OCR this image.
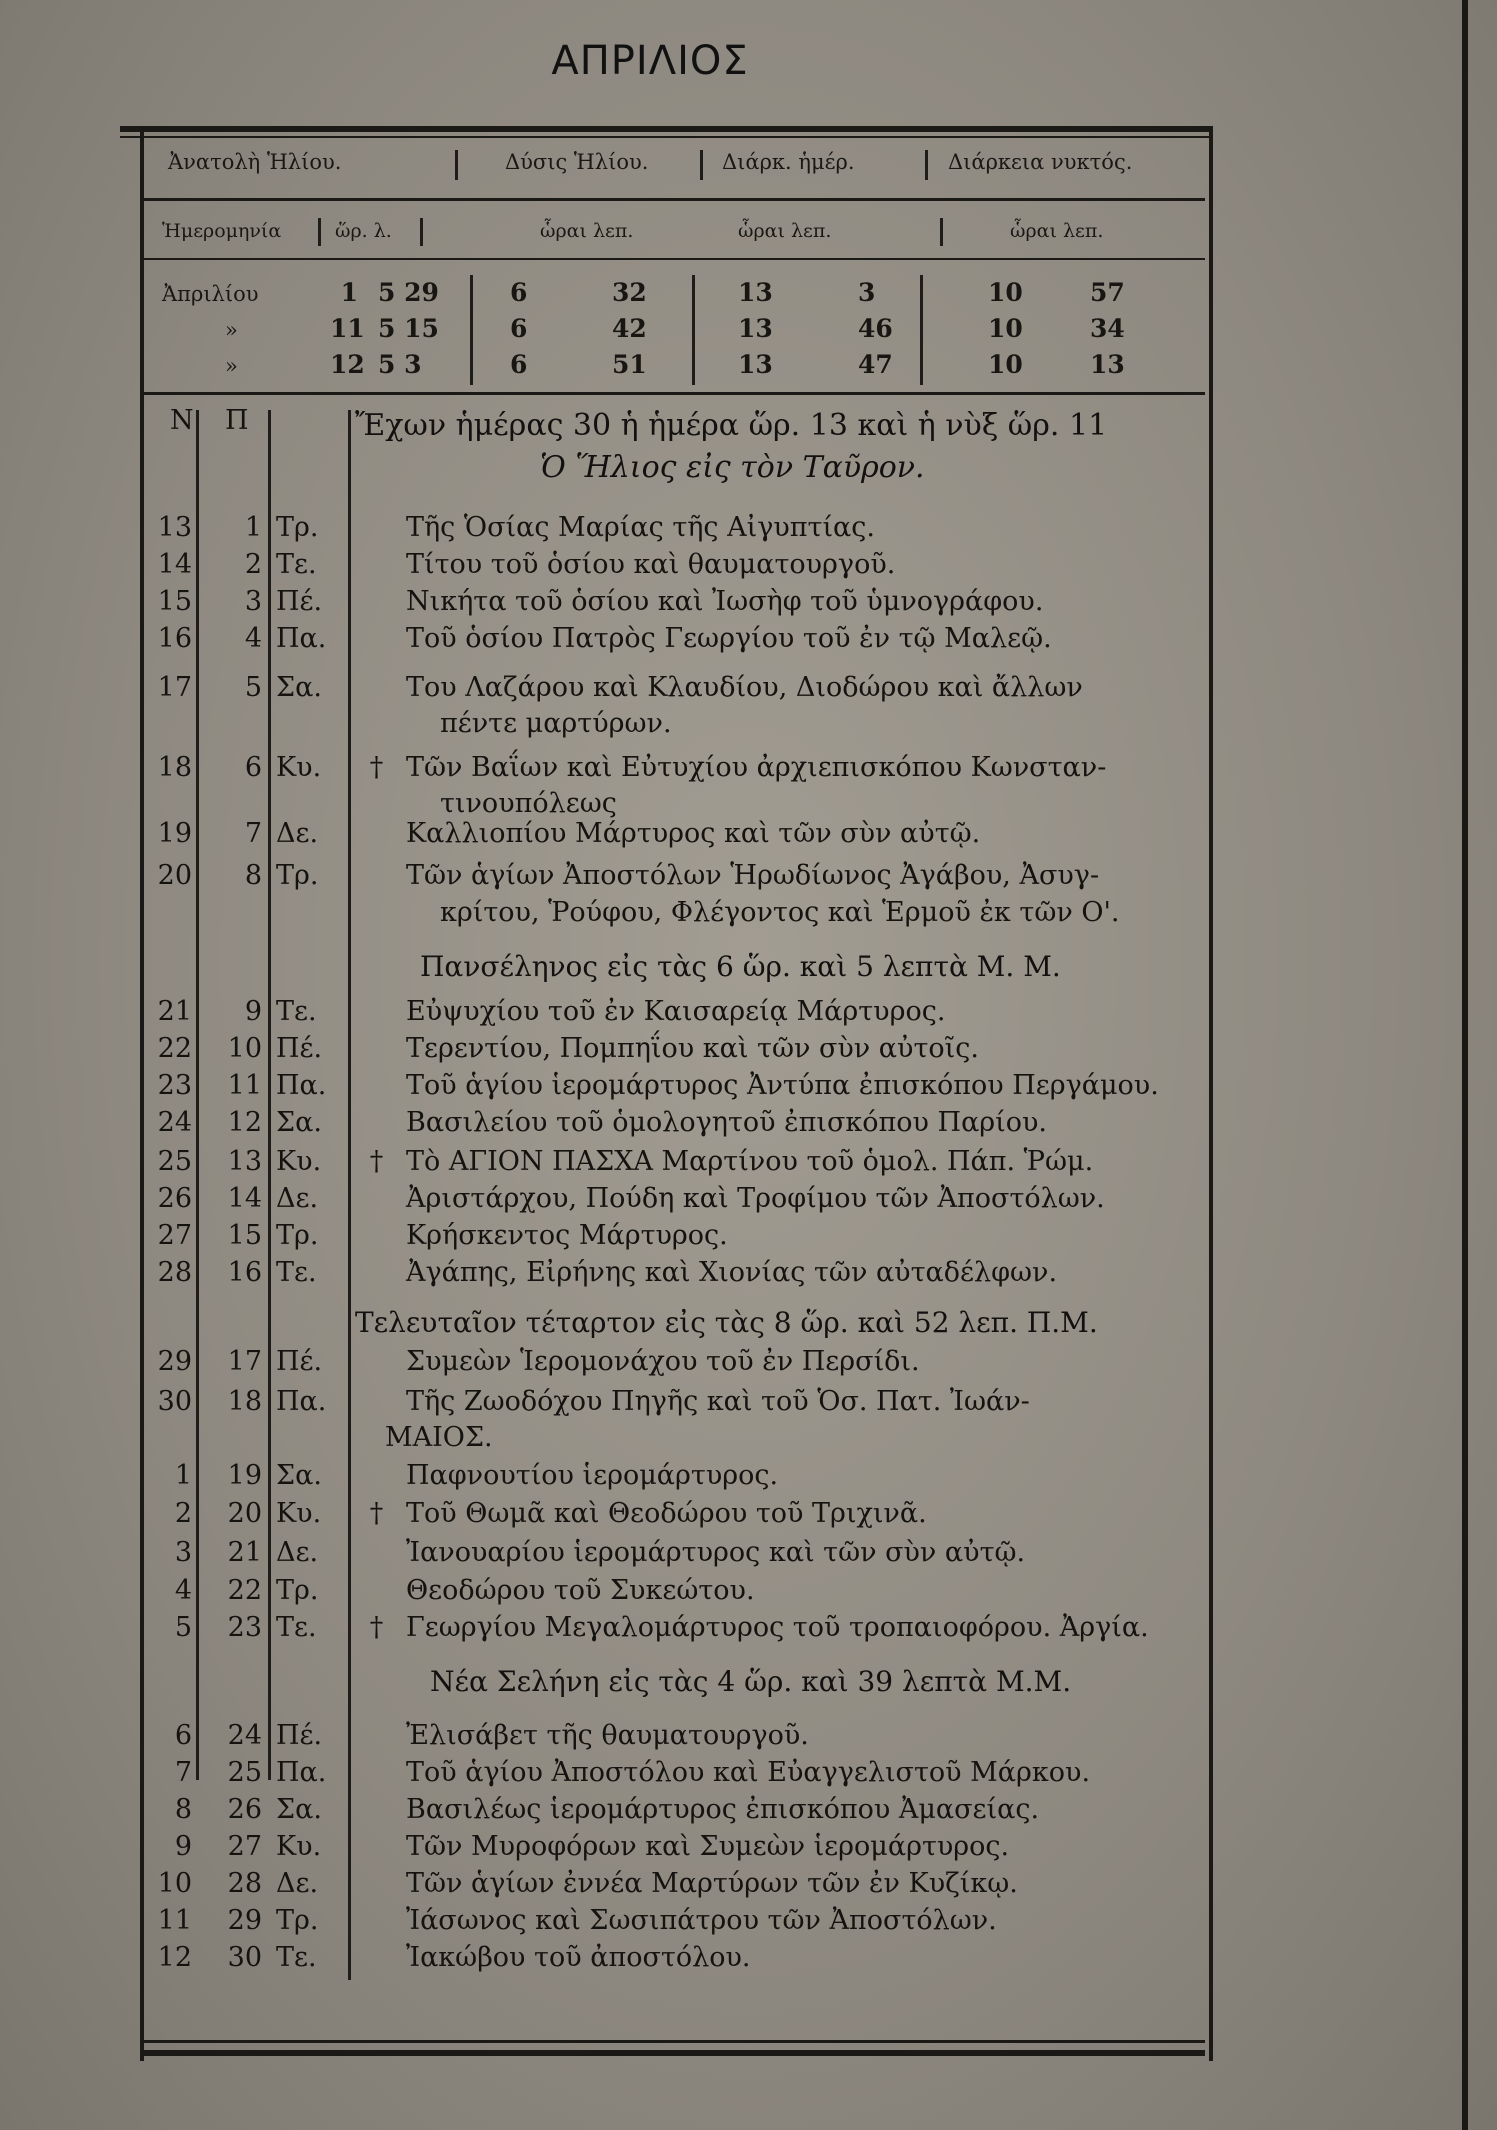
ΑΠΡΙΛΙΟΣ
Ἀνατολὴ Ἡλίου.	Δύσις Ἡλίου.	Διάρκ. ἡμέρ.	Διάρκεια νυκτός.
Ἡμερομηνία	ὥρ. λ.	ὧραι λεπ.	ὧραι λεπ.	ὧραι λεπ.
Ἀπριλίου	1 5 29	6	32	13	3	10	57
»	11 5 15	6	42	13	46	10	34
»	12 5 3	6	51	13	47	10	13
Ν Π	Ἔχων ἡμέρας 30 ἡ ἡμέρα ὥρ. 13 καὶ ἡ νὺξ ὥρ. 11
Ὁ Ἥλιος εἰς τὸν Ταῦρον.
13	1 Τρ.	Τῆς Ὁσίας Μαρίας τῆς Αἰγυπτίας.
14	2 Τε.	Τίτου τοῦ ὁσίου καὶ θαυματουργοῦ.
15	3 Πέ.	Νικήτα τοῦ ὁσίου καὶ Ἰωσὴφ τοῦ ὑμνογράφου.
16	4 Πα.	Τοῦ ὁσίου Πατρὸς Γεωργίου τοῦ ἐν τῷ Μαλεῷ.
17	5 Σα.	Του Λαζάρου καὶ Κλαυδίου, Διοδώρου καὶ ἄλλων
πέντε μαρτύρων.
18	6 Κυ. † Τῶν Βαΐων καὶ Εὐτυχίου ἀρχιεπισκόπου Κωνσταν-
τινουπόλεως
19	7 Δε.	Καλλιοπίου Μάρτυρος καὶ τῶν σὺν αὐτῷ.
20	8 Τρ.	Τῶν ἁγίων Ἀποστόλων Ἡρωδίωνος Ἀγάβου, Ἀσυγ-
κρίτου, Ῥούφου, Φλέγοντος καὶ Ἑρμοῦ ἐκ τῶν Ο'.
Πανσέληνος εἰς τὰς 6 ὥρ. καὶ 5 λεπτὰ Μ. Μ.
21	9 Τε.	Εὐψυχίου τοῦ ἐν Καισαρείᾳ Μάρτυρος.
22	10 Πέ.	Τερεντίου, Πομπηΐου καὶ τῶν σὺν αὐτοῖς.
23	11 Πα.	Τοῦ ἁγίου ἱερομάρτυρος Ἀντύπα ἐπισκόπου Περγάμου.
24	12 Σα.	Βασιλείου τοῦ ὁμολογητοῦ ἐπισκόπου Παρίου.
25	13 Κυ. † Τὸ ΑΓΙΟΝ ΠΑΣΧΑ Μαρτίνου τοῦ ὁμολ. Πάπ. Ῥώμ.
26	14 Δε.	Ἀριστάρχου, Πούδη καὶ Τροφίμου τῶν Ἀποστόλων.
27	15 Τρ.	Κρήσκεντος Μάρτυρος.
28	16 Τε.	Ἀγάπης, Εἰρήνης καὶ Χιονίας τῶν αὐταδέλφων.
Τελευταῖον τέταρτον εἰς τὰς 8 ὥρ. καὶ 52 λεπ. Π.Μ.
29	17 Πέ.	Συμεὼν Ἱερομονάχου τοῦ ἐν Περσίδι.
30	18 Πα.	Τῆς Ζωοδόχου Πηγῆς καὶ τοῦ Ὁσ. Πατ. Ἰωάν-
ΜΑΙΟΣ.
1	19 Σα.	Παφνουτίου ἱερομάρτυρος.
2	20 Κυ. † Τοῦ Θωμᾶ καὶ Θεοδώρου τοῦ Τριχινᾶ.
3	21 Δε.	Ἰανουαρίου ἱερομάρτυρος καὶ τῶν σὺν αὐτῷ.
4	22 Τρ.	Θεοδώρου τοῦ Συκεώτου.
5	23 Τε. † Γεωργίου Μεγαλομάρτυρος τοῦ τροπαιοφόρου. Ἀργία.
Νέα Σελήνη εἰς τὰς 4 ὥρ. καὶ 39 λεπτὰ Μ.Μ.
6	24 Πέ.	Ἐλισάβετ τῆς θαυματουργοῦ.
7	25 Πα.	Τοῦ ἁγίου Ἀποστόλου καὶ Εὐαγγελιστοῦ Μάρκου.
8	26 Σα.	Βασιλέως ἱερομάρτυρος ἐπισκόπου Ἀμασείας.
9	27 Κυ.	Τῶν Μυροφόρων καὶ Συμεὼν ἱερομάρτυρος.
10	28 Δε.	Τῶν ἁγίων ἐννέα Μαρτύρων τῶν ἐν Κυζίκῳ.
11	29 Τρ.	Ἰάσωνος καὶ Σωσιπάτρου τῶν Ἀποστόλων.
12	30 Τε.	Ἰακώβου τοῦ ἀποστόλου.
